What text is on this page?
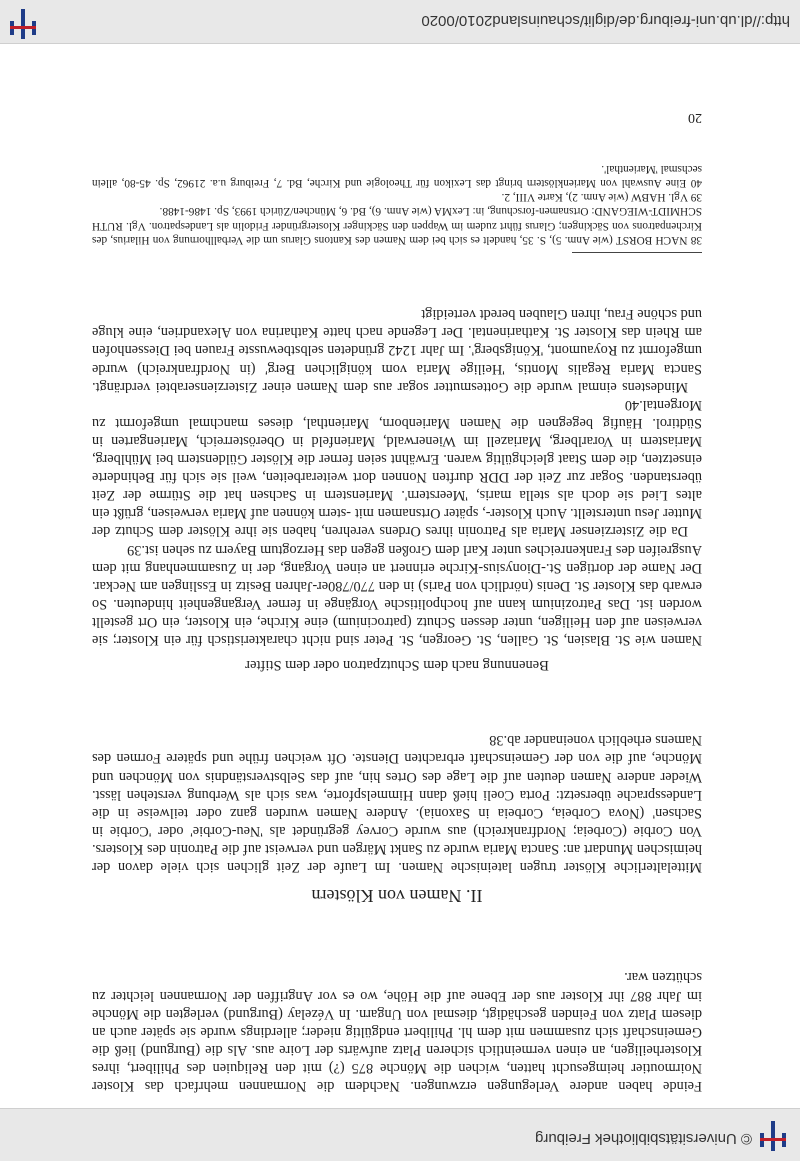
© Universitätsbibliothek Freiburg

Feinde haben andere Verlegungen erzwungen. Nachdem die Normannen mehrfach das Kloster Noirmoutier heimgesucht hatten, wichen die Mönche 875 (?) mit den Reliquien des Philibert, ihres Klosterheiligen, an einen vermeintlich sicheren Platz aufwärts der Loire aus. Als die (Burgund) ließ die Gemeinschaft sich zusammen mit dem hl. Philibert endgültig nieder; allerdings wurde sie später auch an diesem Platz von Feinden geschädigt, diesmal von Ungarn. In Vézelay (Burgund) verlegten die Mönche im Jahr 887 ihr Kloster aus der Ebene auf die Höhe, wo es vor Angriffen der Normannen leichter zu schützen war.

II. Namen von Klöstern

Mittelalterliche Klöster trugen lateinische Namen. Im Laufe der Zeit glichen sich viele davon der heimischen Mundart an: Sancta Maria wurde zu Sankt Märgen und verweist auf die Patronin des Klosters. Von Corbie (Corbeia; Nordfrankreich) aus wurde Corvey gegründet als 'Neu-Corbie' oder 'Corbie in Sachsen' (Nova Corbeia, Corbeia in Saxonia). Andere Namen wurden ganz oder teilweise in die Landessprache übersetzt: Porta Coeli hieß dann Himmelspforte, was sich als Werbung verstehen lässt. Wieder andere Namen deuten auf die Lage des Ortes hin, auf das Selbstverständnis von Mönchen und Mönche, auf die von der Gemeinschaft erbrachten Dienste. Oft weichen frühe und spätere Formen des Namens erheblich voneinander ab.38

Benennung nach dem Schutzpatron oder dem Stifter

Namen wie St. Blasien, St. Gallen, St. Georgen, St. Peter sind nicht charakteristisch für ein Kloster; sie verweisen auf den Heiligen, unter dessen Schutz (patrocinium) eine Kirche, ein Kloster, ein Ort gestellt worden ist. Das Patrozinium kann auf hochpolitische Vorgänge in ferner Vergangenheit hindeuten. So erwarb das Kloster St. Denis (nördlich von Paris) in den 770/780er-Jahren Besitz in Esslingen am Neckar. Der Name der dortigen St.-Dionysius-Kirche erinnert an einen Vorgang, der in Zusammenhang mit dem Ausgreifen des Frankenreiches unter Karl dem Großen gegen das Herzogtum Bayern zu sehen ist.39

Da die Zisterzienser Maria als Patronin ihres Ordens verehren, haben sie ihre Klöster dem Schutz der Mutter Jesu unterstellt. Auch Kloster-, später Ortsnamen mit -stern können auf Maria verweisen, grüßt ein altes Lied sie doch als stella maris, 'Meerstern'. Marienstern in Sachsen hat die Stürme der Zeit überstanden. Sogar zur Zeit der DDR durften Nonnen dort weiterarbeiten, weil sie sich für Behinderte einsetzten, die dem Staat gleichgültig waren. Erwähnt seien ferner die Klöster Güldenstern bei Mühlberg, Mariastern in Vorarlberg, Mariazell im Wienerwald, Marienfeld in Oberösterreich, Mariengarten in Südtirol. Häufig begegnen die Namen Marienborn, Marienthal, dieses manchmal umgeformt zu Morgental.40

Mindestens einmal wurde die Gottesmutter sogar aus dem Namen einer Zisterzienserabtei verdrängt. Sancta Maria Regalis Montis, 'Heilige Maria vom königlichen Berg' (in Nordfrankreich) wurde umgeformt zu Royaumont, 'Königsberg'. Im Jahr 1242 gründeten selbstbewusste Frauen bei Diessenhofen am Rhein das Kloster St. Katharinental. Der Legende nach hatte Katharina von Alexandrien, eine kluge und schöne Frau, ihren Glauben beredt verteidigt

38 NACH BORST (wie Anm. 5), S. 35, handelt es sich bei dem Namen des Kantons Glarus um die Verballhornung von Hilarius, des Kirchenpatrons von Säckingen; Glarus führt zudem im Wappen den Säckinger Klostergründer Fridolin als Landespatron. Vgl. RUTH SCHMIDT-WIEGAND: Ortsnamen-forschung, in: LexMA (wie Anm. 6), Bd. 6, München/Zürich 1993, Sp. 1486-1488.

39 Vgl. HABW (wie Anm. 2), Karte VIII, 2.

40 Eine Auswahl von Marienklöstern bringt das Lexikon für Theologie und Kirche, Bd. 7, Freiburg u.a. 21962, Sp. 45-80, allein sechsmal 'Marienthal'.

20
http://dl.ub.uni-freiburg.de/diglit/schauinsland2010/0020
